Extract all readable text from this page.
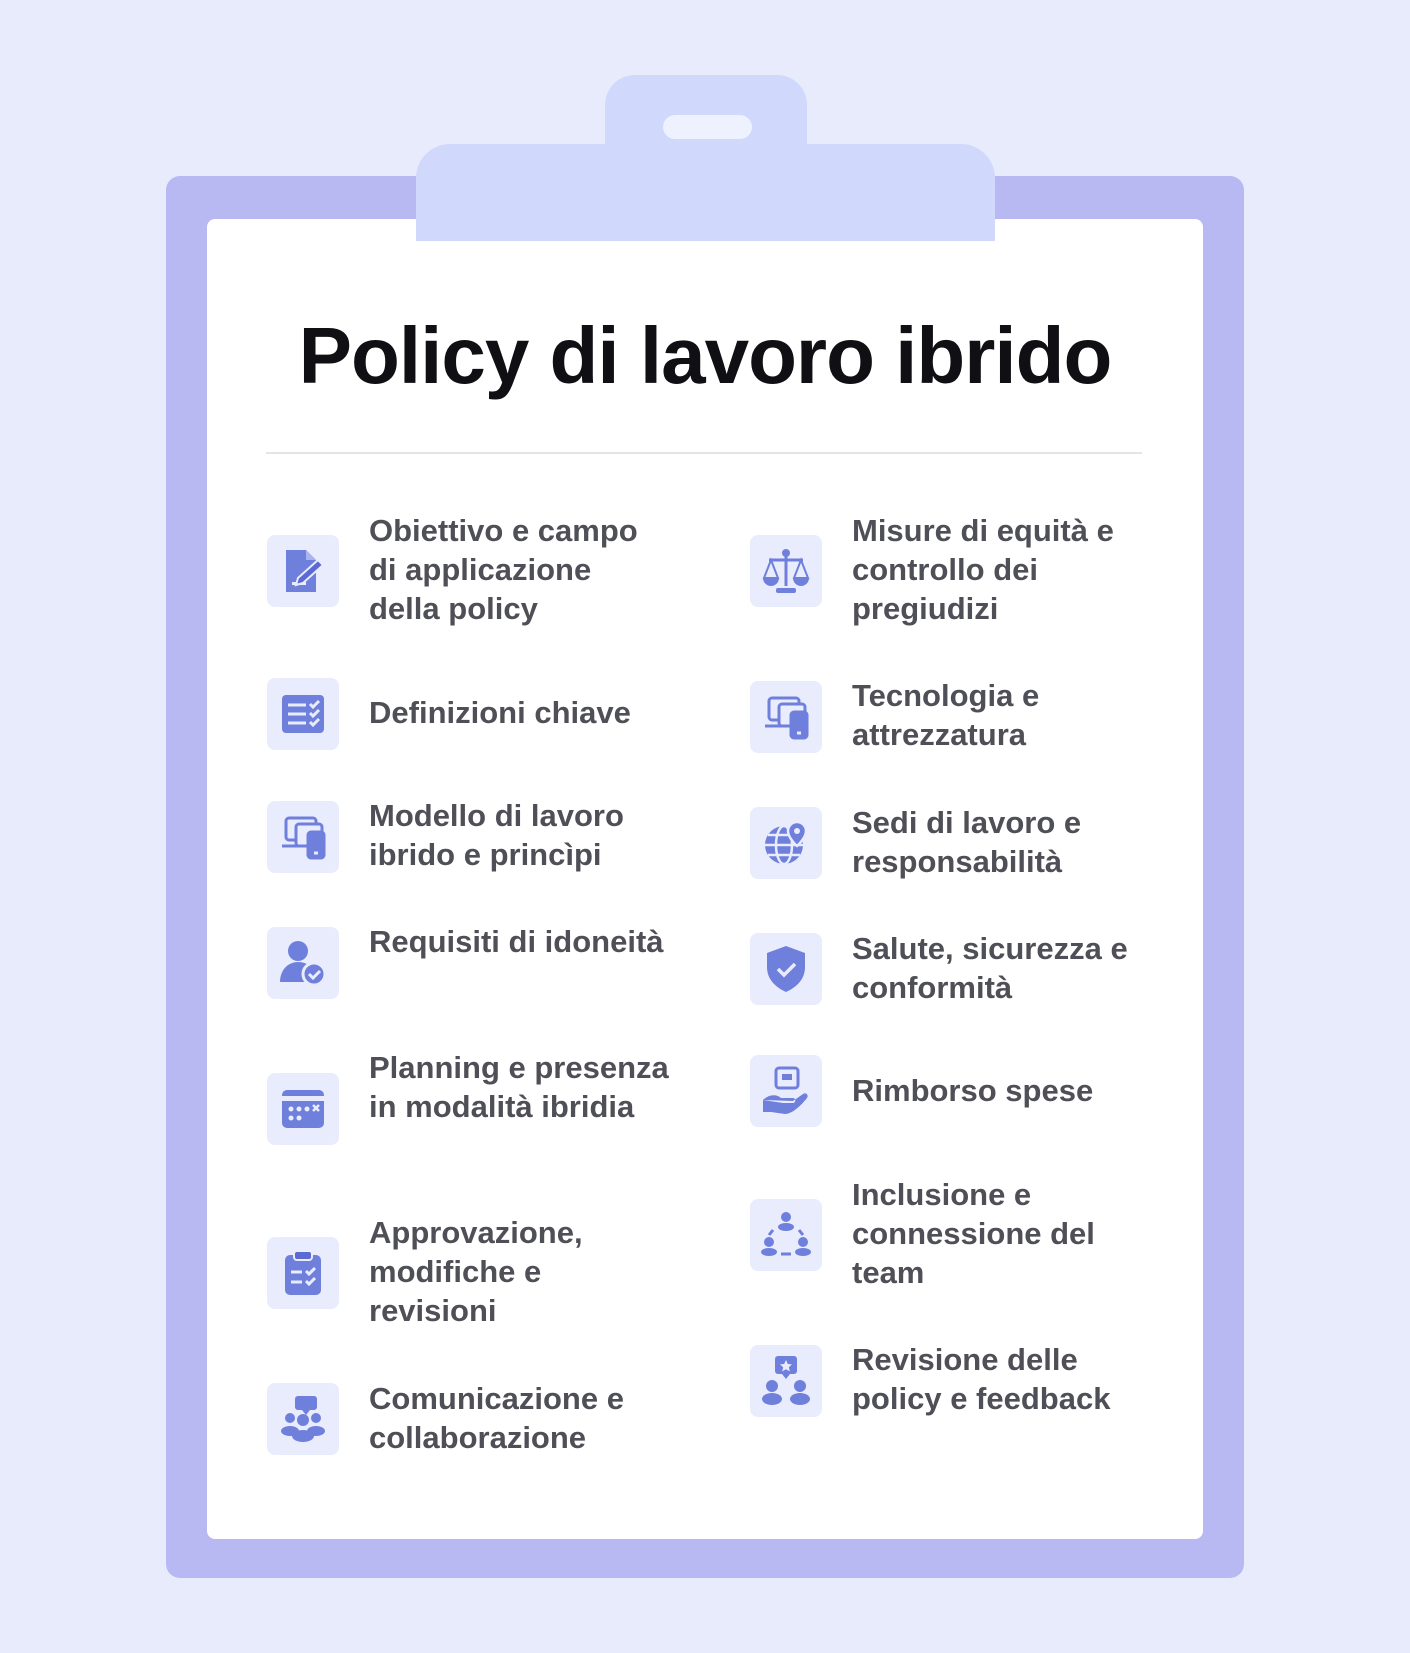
Policy di lavoro ibrido
Obiettivo e campo di applicazione della policy
Definizioni chiave
Modello di lavoro ibrido e princìpi
Requisiti di idoneità
Planning e presenza in modalità ibridia
Approvazione, modifiche e revisioni
Comunicazione e collaborazione
Misure di equità e controllo dei pregiudizi
Tecnologia e attrezzatura
Sedi di lavoro e responsabilità
Salute, sicurezza e conformità
Rimborso spese
Inclusione e connessione del team
Revisione delle policy e feedback
